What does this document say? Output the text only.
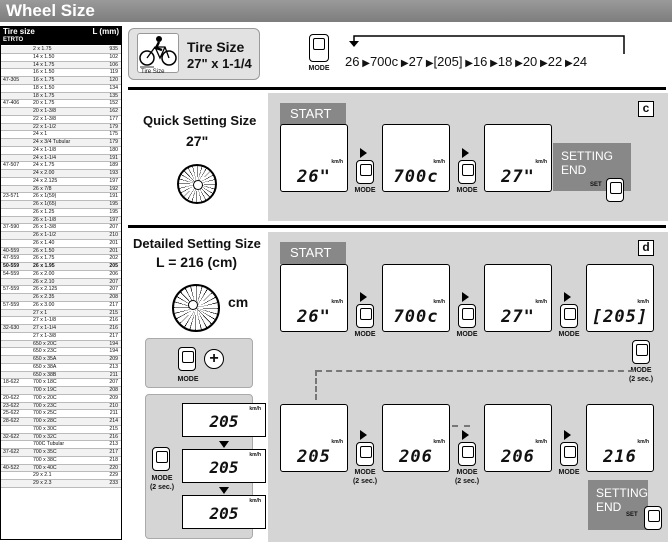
Wheel Size
Tire size	L (mm)
ETRTO
2 x 1.75	935
14 x 1.50	102
14 x 1.75	106
16 x 1.50	119
47-305	16 x 1.75	120
18 x 1.50	134
18 x 1.75	135
47-406	20 x 1.75	152
20 x 1-3/8	162
22 x 1-3/8	177
22 x 1-1/2	179
24 x 1	175
24 x 3/4 Tubular	179
24 x 1-1/8	180
24 x 1-1/4	191
47-507	24 x 1.75	189
24 x 2.00	193
24 x 2.125	197
26 x 7/8	192
23-571	26 x 1(59)	191
26 x 1(65)	195
26 x 1.25	195
26 x 1-1/8	197
37-590	26 x 1-3/8	207
26 x 1-1/2	210
26 x 1.40	201
40-559	26 x 1.50	201
47-559	26 x 1.75	202
50-559	26 x 1.95	205
54-559	26 x 2.00	206
26 x 2.10	207
57-559	26 x 2.125	207
26 x 2.35	208
57-559	26 x 3.00	217
27 x 1	215
27 x 1-1/8	216
32-630	27 x 1-1/4	216
27 x 1-3/8	217
650 x 20C	194
650 x 23C	194
650 x 35A	209
650 x 38A	213
650 x 38B	211
18-622	700 x 18C	207
700 x 19C	208
20-622	700 x 20C	209
23-622	700 x 23C	210
25-622	700 x 25C	211
28-622	700 x 28C	214
700 x 30C	215
32-622	700 x 32C	216
700C Tubular	213
37-622	700 x 35C	217
700 x 38C	218
40-522	700 x 40C	220
29 x 2.1	229
29 x 2.3	233
Tire Size
Tire Size
27" x 1-1/4	MODE	26 ▶700c ▶27 ▶[205] ▶16 ▶18 ▶20 ▶22 ▶24
Quick Setting Size
27"
c
START
Detailed Setting Size
L = 216 (cm)
cm
+
MODE
MODE
(2 sec.)
km/h
205
km/h
205
km/h
205
d
START
km/h
26"
km/h
700c
km/h
27"
MODE	MODE
SETTING
END
SET
km/h
26"
km/h
700c
km/h
27"
km/h
[205]
MODE	MODE	MODE
MODE
(2 sec.)
km/h
205
km/h
206
km/h
206
km/h
216
MODE
(2 sec.)
MODE
(2 sec.)
MODE
SETTING
END
SET
